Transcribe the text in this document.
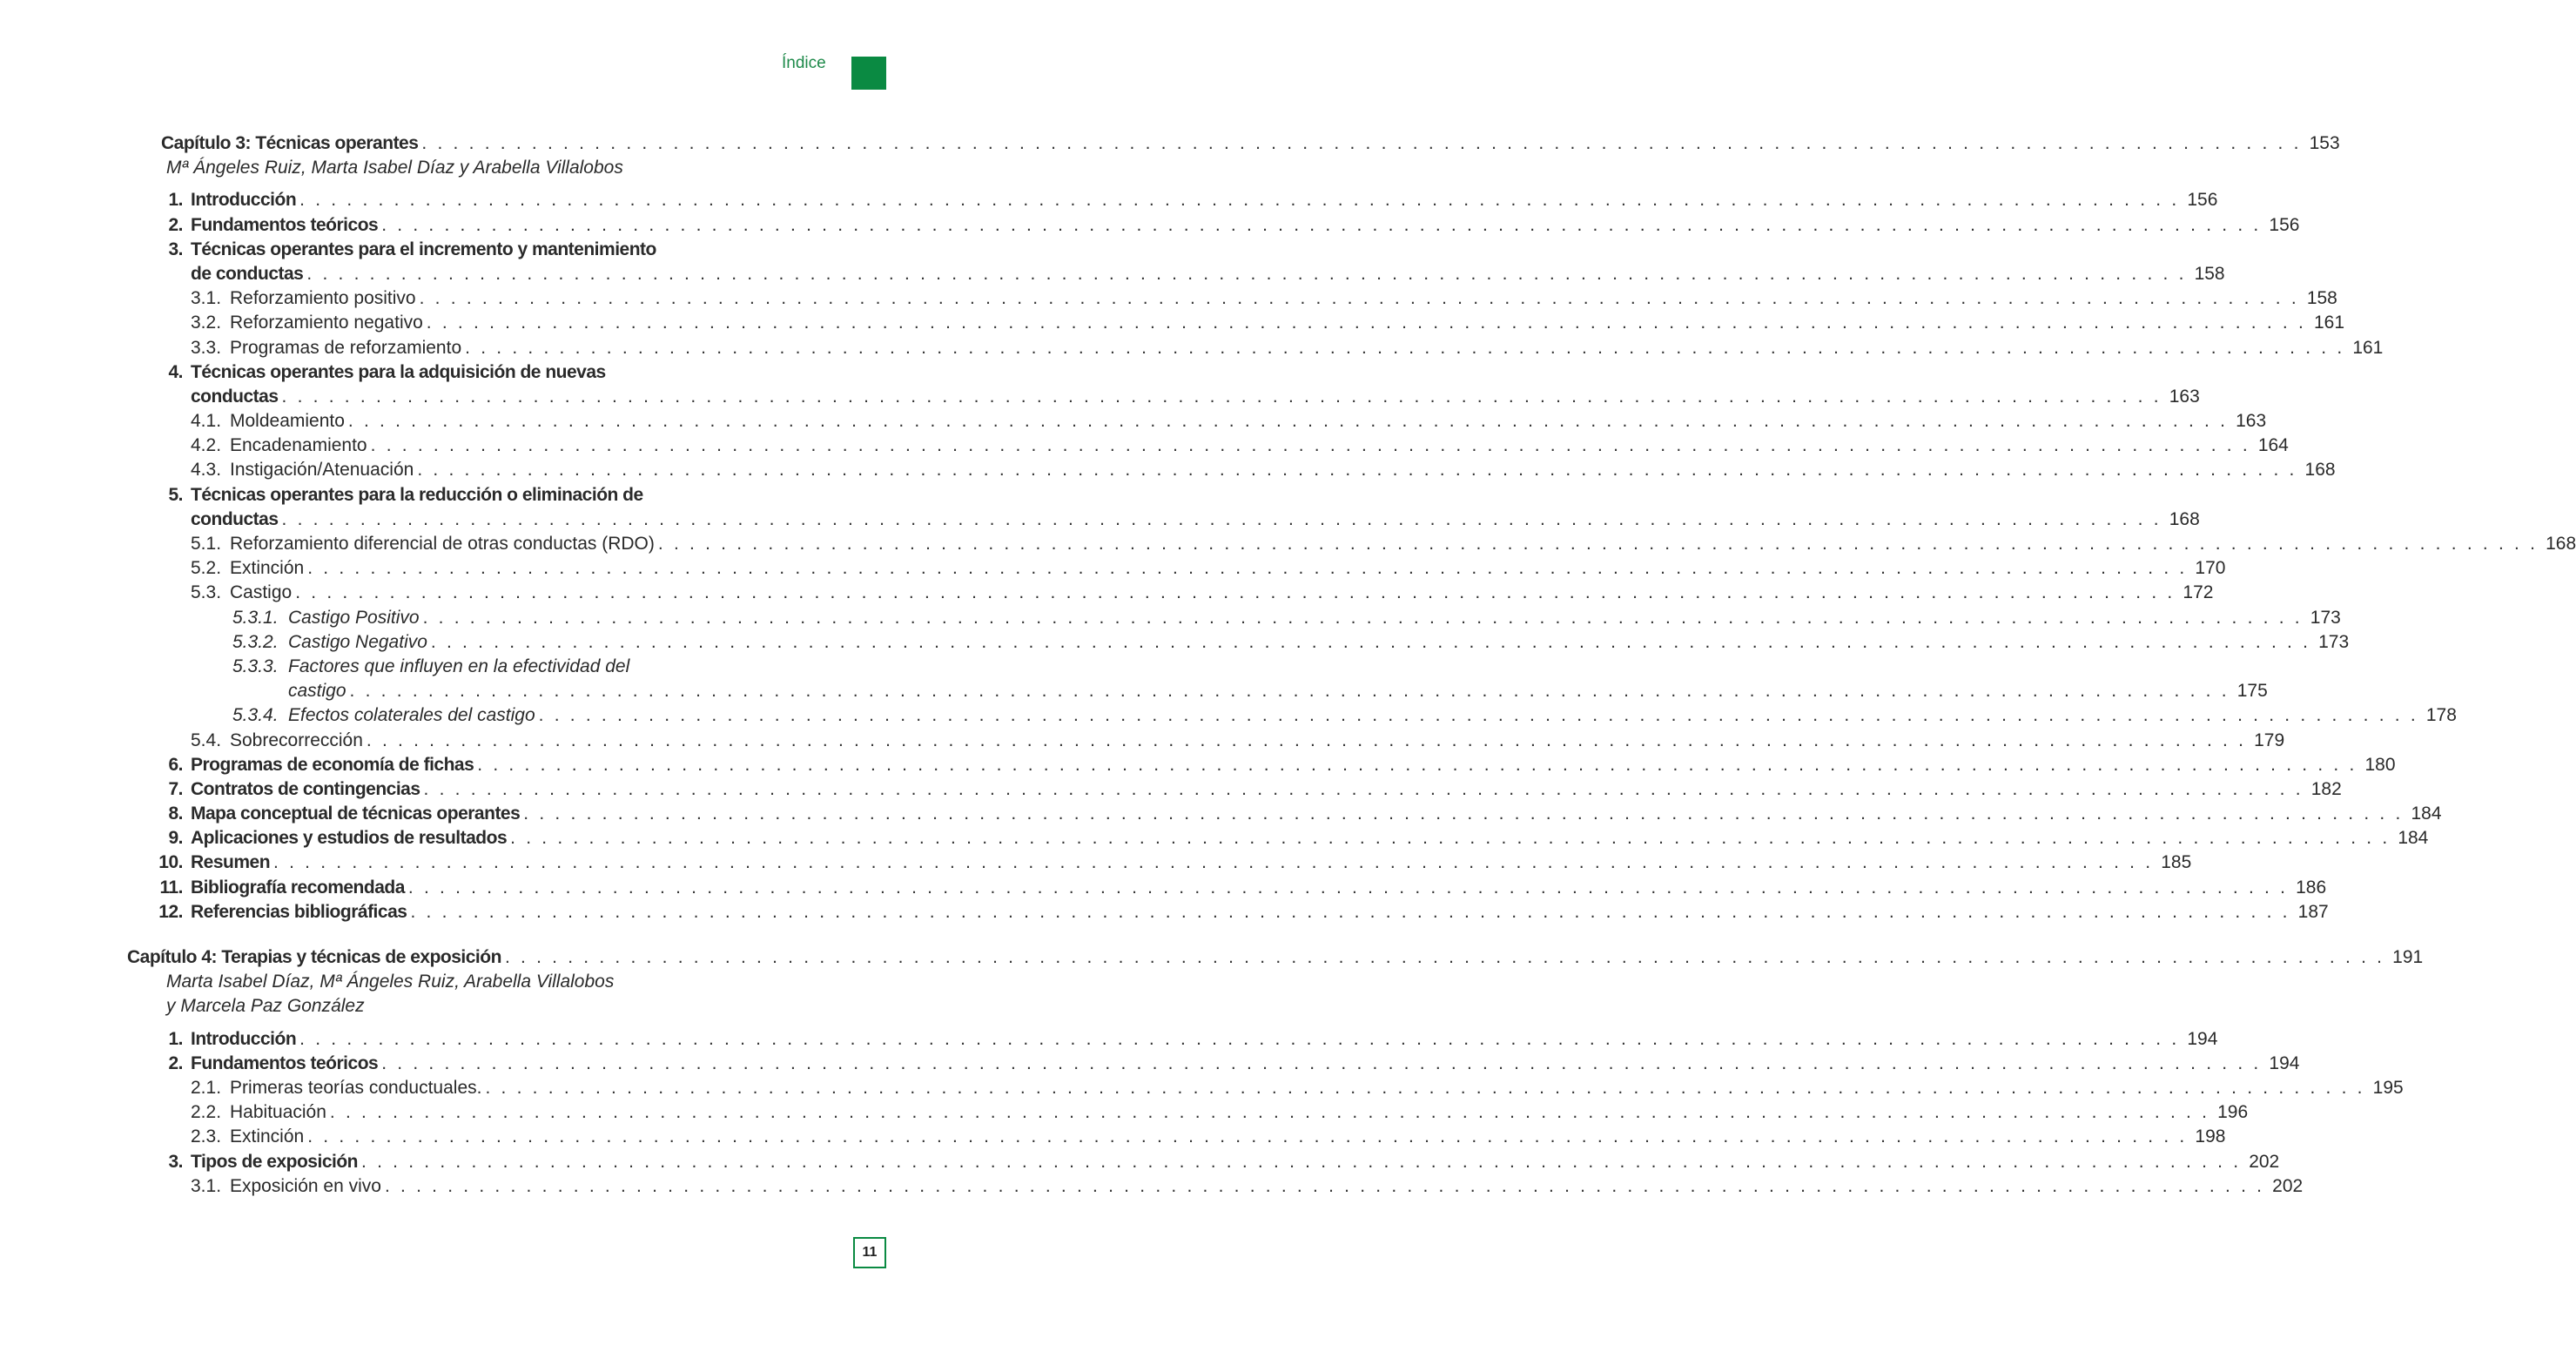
Índice
Capítulo 3: Técnicas operantes . . . . . . . . . . . . . . . . . . . . . . . . . . . . . . . . . . . . . . . . . . . . . . . . . . . . . . . . . . . . . . . . . . . . . . . . . . . . . . . . . . . . . . . . . . . . . . . . . . . . . . . . . . . . . . . . . . . . . . . . 153
Mª Ángeles Ruiz, Marta Isabel Díaz y Arabella Villalobos
1. Introducción . . . . . . . . . . . . . . . . . . . . . . . . . . . . . . . . . . . . . . . . . . . . . . . . . . . . . . . . . . . . . . . . . . . . . . . . . . . . . . . . . . . . . . . . . . . . . . . . . . . . . . . . . . . . . . . . . . . . . . . . 156
2. Fundamentos teóricos . . . . . . . . . . . . . . . . . . . . . . . . . . . . . . . . . . . . . . . . . . . . . . . . . . . . . . . . . . . . . . . . . . . . . . . . . . . . . . . . . . . . . . . . . . . . . . . . . . . . . . . . . . . . . . . . . . . . . . . . 156
3. Técnicas operantes para el incremento y mantenimiento
de conductas . . . . . . . . . . . . . . . . . . . . . . . . . . . . . . . . . . . . . . . . . . . . . . . . . . . . . . . . . . . . . . . . . . . . . . . . . . . . . . . . . . . . . . . . . . . . . . . . . . . . . . . . . . . . . . . . . . . . . . . . 158
3.1. Reforzamiento positivo . . . . . . . . . . . . . . . . . . . . . . . . . . . . . . . . . . . . . . . . . . . . . . . . . . . . . . . . . . . . . . . . . . . . . . . . . . . . . . . . . . . . . . . . . . . . . . . . . . . . . . . . . . . . . . . . . . . . . . . . 158
3.2. Reforzamiento negativo . . . . . . . . . . . . . . . . . . . . . . . . . . . . . . . . . . . . . . . . . . . . . . . . . . . . . . . . . . . . . . . . . . . . . . . . . . . . . . . . . . . . . . . . . . . . . . . . . . . . . . . . . . . . . . . . . . . . . . . . 161
3.3. Programas de reforzamiento . . . . . . . . . . . . . . . . . . . . . . . . . . . . . . . . . . . . . . . . . . . . . . . . . . . . . . . . . . . . . . . . . . . . . . . . . . . . . . . . . . . . . . . . . . . . . . . . . . . . . . . . . . . . . . . . . . . . . . . . 161
4. Técnicas operantes para la adquisición de nuevas
conductas . . . . . . . . . . . . . . . . . . . . . . . . . . . . . . . . . . . . . . . . . . . . . . . . . . . . . . . . . . . . . . . . . . . . . . . . . . . . . . . . . . . . . . . . . . . . . . . . . . . . . . . . . . . . . . . . . . . . . . . . 163
4.1. Moldeamiento . . . . . . . . . . . . . . . . . . . . . . . . . . . . . . . . . . . . . . . . . . . . . . . . . . . . . . . . . . . . . . . . . . . . . . . . . . . . . . . . . . . . . . . . . . . . . . . . . . . . . . . . . . . . . . . . . . . . . . . . 163
4.2. Encadenamiento . . . . . . . . . . . . . . . . . . . . . . . . . . . . . . . . . . . . . . . . . . . . . . . . . . . . . . . . . . . . . . . . . . . . . . . . . . . . . . . . . . . . . . . . . . . . . . . . . . . . . . . . . . . . . . . . . . . . . . . . 164
4.3. Instigación/Atenuación . . . . . . . . . . . . . . . . . . . . . . . . . . . . . . . . . . . . . . . . . . . . . . . . . . . . . . . . . . . . . . . . . . . . . . . . . . . . . . . . . . . . . . . . . . . . . . . . . . . . . . . . . . . . . . . . . . . . . . . . 168
5. Técnicas operantes para la reducción o eliminación de
conductas . . . . . . . . . . . . . . . . . . . . . . . . . . . . . . . . . . . . . . . . . . . . . . . . . . . . . . . . . . . . . . . . . . . . . . . . . . . . . . . . . . . . . . . . . . . . . . . . . . . . . . . . . . . . . . . . . . . . . . . . 168
5.1. Reforzamiento diferencial de otras conductas (RDO) . . . . . . . . . . . . . . . . . . . . . . . . . . . . . . . . . . . . . . . . . . . . . . . . . . . . . . . . . . . . . . . . . . . . . . . . . . . . . . . . . . . . . . . . . . . . . . . . . . . . . . . . . . . . . . . . . . . . . . . . 168
5.2. Extinción . . . . . . . . . . . . . . . . . . . . . . . . . . . . . . . . . . . . . . . . . . . . . . . . . . . . . . . . . . . . . . . . . . . . . . . . . . . . . . . . . . . . . . . . . . . . . . . . . . . . . . . . . . . . . . . . . . . . . . . . 170
5.3. Castigo . . . . . . . . . . . . . . . . . . . . . . . . . . . . . . . . . . . . . . . . . . . . . . . . . . . . . . . . . . . . . . . . . . . . . . . . . . . . . . . . . . . . . . . . . . . . . . . . . . . . . . . . . . . . . . . . . . . . . . . . 172
5.3.1. Castigo Positivo . . . . . . . . . . . . . . . . . . . . . . . . . . . . . . . . . . . . . . . . . . . . . . . . . . . . . . . . . . . . . . . . . . . . . . . . . . . . . . . . . . . . . . . . . . . . . . . . . . . . . . . . . . . . . . . . . . . . . . . . 173
5.3.2. Castigo Negativo . . . . . . . . . . . . . . . . . . . . . . . . . . . . . . . . . . . . . . . . . . . . . . . . . . . . . . . . . . . . . . . . . . . . . . . . . . . . . . . . . . . . . . . . . . . . . . . . . . . . . . . . . . . . . . . . . . . . . . . . 173
5.3.3. Factores que influyen en la efectividad del
castigo . . . . . . . . . . . . . . . . . . . . . . . . . . . . . . . . . . . . . . . . . . . . . . . . . . . . . . . . . . . . . . . . . . . . . . . . . . . . . . . . . . . . . . . . . . . . . . . . . . . . . . . . . . . . . . . . . . . . . . . . 175
5.3.4. Efectos colaterales del castigo . . . . . . . . . . . . . . . . . . . . . . . . . . . . . . . . . . . . . . . . . . . . . . . . . . . . . . . . . . . . . . . . . . . . . . . . . . . . . . . . . . . . . . . . . . . . . . . . . . . . . . . . . . . . . . . . . . . . . . . . 178
5.4. Sobrecorrección . . . . . . . . . . . . . . . . . . . . . . . . . . . . . . . . . . . . . . . . . . . . . . . . . . . . . . . . . . . . . . . . . . . . . . . . . . . . . . . . . . . . . . . . . . . . . . . . . . . . . . . . . . . . . . . . . . . . . . . . 179
6. Programas de economía de fichas . . . . . . . . . . . . . . . . . . . . . . . . . . . . . . . . . . . . . . . . . . . . . . . . . . . . . . . . . . . . . . . . . . . . . . . . . . . . . . . . . . . . . . . . . . . . . . . . . . . . . . . . . . . . . . . . . . . . . . . . 180
7. Contratos de contingencias . . . . . . . . . . . . . . . . . . . . . . . . . . . . . . . . . . . . . . . . . . . . . . . . . . . . . . . . . . . . . . . . . . . . . . . . . . . . . . . . . . . . . . . . . . . . . . . . . . . . . . . . . . . . . . . . . . . . . . . . 182
8. Mapa conceptual de técnicas operantes . . . . . . . . . . . . . . . . . . . . . . . . . . . . . . . . . . . . . . . . . . . . . . . . . . . . . . . . . . . . . . . . . . . . . . . . . . . . . . . . . . . . . . . . . . . . . . . . . . . . . . . . . . . . . . . . . . . . . . . . 184
9. Aplicaciones y estudios de resultados . . . . . . . . . . . . . . . . . . . . . . . . . . . . . . . . . . . . . . . . . . . . . . . . . . . . . . . . . . . . . . . . . . . . . . . . . . . . . . . . . . . . . . . . . . . . . . . . . . . . . . . . . . . . . . . . . . . . . . . . 184
10. Resumen . . . . . . . . . . . . . . . . . . . . . . . . . . . . . . . . . . . . . . . . . . . . . . . . . . . . . . . . . . . . . . . . . . . . . . . . . . . . . . . . . . . . . . . . . . . . . . . . . . . . . . . . . . . . . . . . . . . . . . . . 185
11. Bibliografía recomendada . . . . . . . . . . . . . . . . . . . . . . . . . . . . . . . . . . . . . . . . . . . . . . . . . . . . . . . . . . . . . . . . . . . . . . . . . . . . . . . . . . . . . . . . . . . . . . . . . . . . . . . . . . . . . . . . . . . . . . . . 186
12. Referencias bibliográficas . . . . . . . . . . . . . . . . . . . . . . . . . . . . . . . . . . . . . . . . . . . . . . . . . . . . . . . . . . . . . . . . . . . . . . . . . . . . . . . . . . . . . . . . . . . . . . . . . . . . . . . . . . . . . . . . . . . . . . . . 187
Capítulo 4: Terapias y técnicas de exposición . . . . . . . . . . . . . . . . . . . . . . . . . . . . . . . . . . . . . . . . . . . . . . . . . . . . . . . . . . . . . . . . . . . . . . . . . . . . . . . . . . . . . . . . . . . . . . . . . . . . . . . . . . . . . . . . . . . . . . . . 191
Marta Isabel Díaz, Mª Ángeles Ruiz, Arabella Villalobos
y Marcela Paz González
1. Introducción . . . . . . . . . . . . . . . . . . . . . . . . . . . . . . . . . . . . . . . . . . . . . . . . . . . . . . . . . . . . . . . . . . . . . . . . . . . . . . . . . . . . . . . . . . . . . . . . . . . . . . . . . . . . . . . . . . . . . . . . 194
2. Fundamentos teóricos . . . . . . . . . . . . . . . . . . . . . . . . . . . . . . . . . . . . . . . . . . . . . . . . . . . . . . . . . . . . . . . . . . . . . . . . . . . . . . . . . . . . . . . . . . . . . . . . . . . . . . . . . . . . . . . . . . . . . . . . 194
2.1. Primeras teorías conductuales. . . . . . . . . . . . . . . . . . . . . . . . . . . . . . . . . . . . . . . . . . . . . . . . . . . . . . . . . . . . . . . . . . . . . . . . . . . . . . . . . . . . . . . . . . . . . . . . . . . . . . . . . . . . . . . . . . . . . . . . . 195
2.2. Habituación . . . . . . . . . . . . . . . . . . . . . . . . . . . . . . . . . . . . . . . . . . . . . . . . . . . . . . . . . . . . . . . . . . . . . . . . . . . . . . . . . . . . . . . . . . . . . . . . . . . . . . . . . . . . . . . . . . . . . . . . 196
2.3. Extinción . . . . . . . . . . . . . . . . . . . . . . . . . . . . . . . . . . . . . . . . . . . . . . . . . . . . . . . . . . . . . . . . . . . . . . . . . . . . . . . . . . . . . . . . . . . . . . . . . . . . . . . . . . . . . . . . . . . . . . . . 198
3. Tipos de exposición . . . . . . . . . . . . . . . . . . . . . . . . . . . . . . . . . . . . . . . . . . . . . . . . . . . . . . . . . . . . . . . . . . . . . . . . . . . . . . . . . . . . . . . . . . . . . . . . . . . . . . . . . . . . . . . . . . . . . . . . 202
3.1. Exposición en vivo . . . . . . . . . . . . . . . . . . . . . . . . . . . . . . . . . . . . . . . . . . . . . . . . . . . . . . . . . . . . . . . . . . . . . . . . . . . . . . . . . . . . . . . . . . . . . . . . . . . . . . . . . . . . . . . . . . . . . . . . 202
11
